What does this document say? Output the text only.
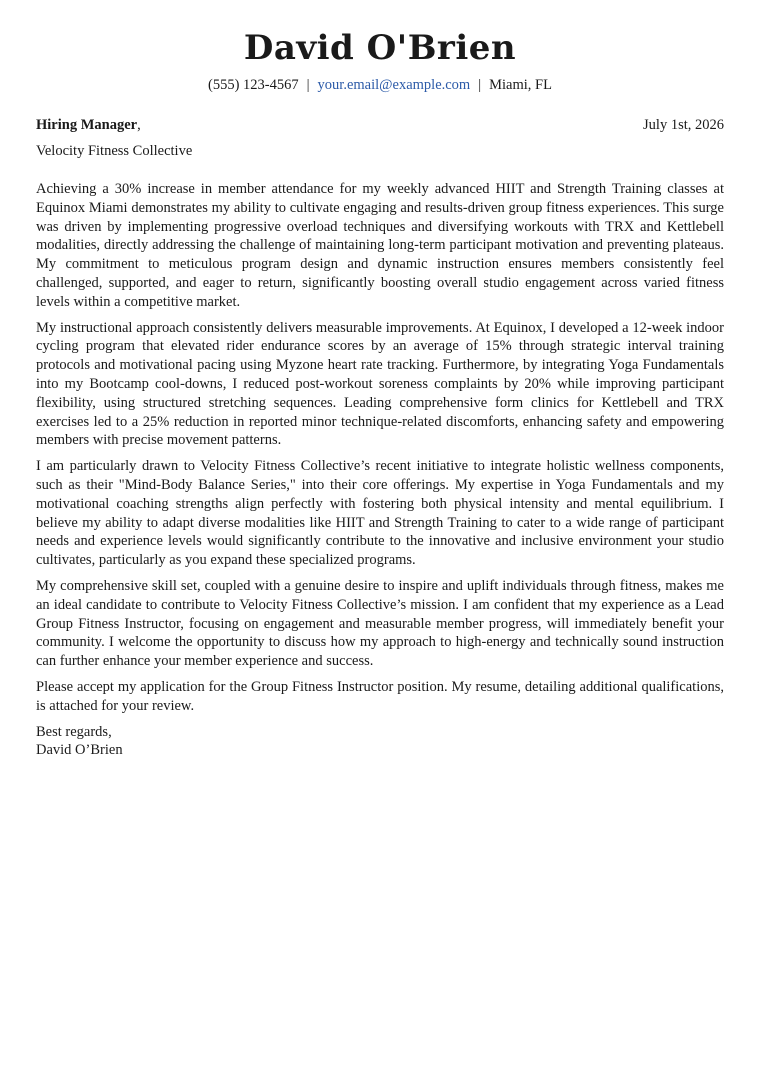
David O'Brien
(555) 123-4567 | your.email@example.com | Miami, FL
Hiring Manager,	July 1st, 2026
Velocity Fitness Collective

Achieving a 30% increase in member attendance for my weekly advanced HIIT and Strength Training classes at Equinox Miami demonstrates my ability to cultivate engaging and results-driven group fitness experiences. This surge was driven by implementing progressive overload techniques and diversifying workouts with TRX and Kettlebell modalities, directly addressing the challenge of maintaining long-term participant motivation and preventing plateaus. My commitment to meticulous program design and dynamic instruction ensures members consistently feel challenged, supported, and eager to return, significantly boosting overall studio engagement across varied fitness levels within a competitive market.

My instructional approach consistently delivers measurable improvements. At Equinox, I developed a 12-week indoor cycling program that elevated rider endurance scores by an average of 15% through strategic interval training protocols and motivational pacing using Myzone heart rate tracking. Furthermore, by integrating Yoga Fundamentals into my Bootcamp cool-downs, I reduced post-workout soreness complaints by 20% while improving participant flexibility, using structured stretching sequences. Leading comprehensive form clinics for Kettlebell and TRX exercises led to a 25% reduction in reported minor technique-related discomforts, enhancing safety and empowering members with precise movement patterns.

I am particularly drawn to Velocity Fitness Collective’s recent initiative to integrate holistic wellness components, such as their "Mind-Body Balance Series," into their core offerings. My expertise in Yoga Fundamentals and my motivational coaching strengths align perfectly with fostering both physical intensity and mental equilibrium. I believe my ability to adapt diverse modalities like HIIT and Strength Training to cater to a wide range of participant needs and experience levels would significantly contribute to the innovative and inclusive environment your studio cultivates, particularly as you expand these specialized programs.

My comprehensive skill set, coupled with a genuine desire to inspire and uplift individuals through fitness, makes me an ideal candidate to contribute to Velocity Fitness Collective’s mission. I am confident that my experience as a Lead Group Fitness Instructor, focusing on engagement and measurable member progress, will immediately benefit your community. I welcome the opportunity to discuss how my approach to high-energy and technically sound instruction can further enhance your member experience and success.

Please accept my application for the Group Fitness Instructor position. My resume, detailing additional qualifications, is attached for your review.

Best regards,
David O’Brien
